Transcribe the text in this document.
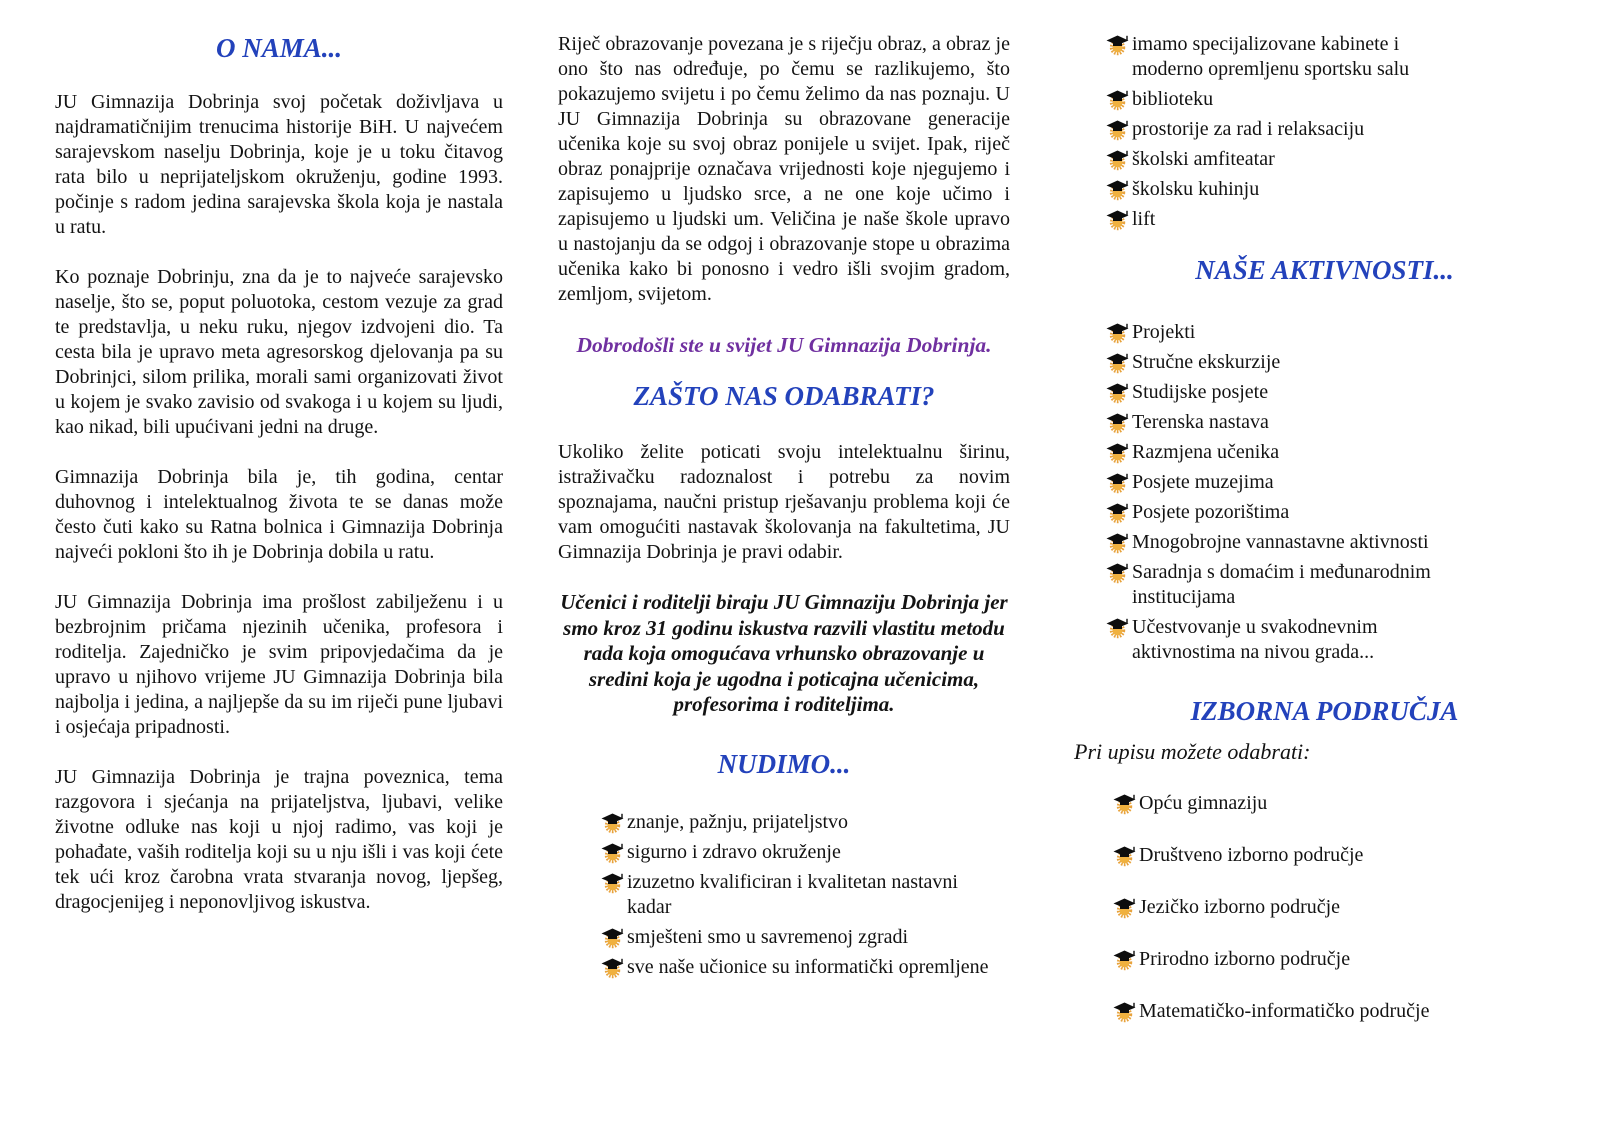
O NAMA...

JU Gimnazija Dobrinja svoj početak doživljava u najdramatičnijim trenucima historije BiH. U najvećem sarajevskom naselju Dobrinja, koje je u toku čitavog rata bilo u neprijateljskom okruženju, godine 1993. počinje s radom jedina sarajevska škola koja je nastala u ratu.

Ko poznaje Dobrinju, zna da je to najveće sarajevsko naselje, što se, poput poluotoka, cestom vezuje za grad te predstavlja, u neku ruku, njegov izdvojeni dio. Ta cesta bila je upravo meta agresorskog djelovanja pa su Dobrinjci, silom prilika, morali sami organizovati život u kojem je svako zavisio od svakoga i u kojem su ljudi, kao nikad, bili upućivani jedni na druge.

Gimnazija Dobrinja bila je, tih godina, centar duhovnog i intelektualnog života te se danas može često čuti kako su Ratna bolnica i Gimnazija Dobrinja najveći pokloni što ih je Dobrinja dobila u ratu.

JU Gimnazija Dobrinja ima prošlost zabilježenu i u bezbrojnim pričama njezinih učenika, profesora i roditelja. Zajedničko je svim pripovjedačima da je upravo u njihovo vrijeme JU Gimnazija Dobrinja bila najbolja i jedina, a najljepše da su im riječi pune ljubavi i osjećaja pripadnosti.

JU Gimnazija Dobrinja je trajna poveznica, tema razgovora i sjećanja na prijateljstva, ljubavi, velike životne odluke nas koji u njoj radimo, vas koji je pohađate, vaših roditelja koji su u nju išli i vas koji ćete tek ući kroz čarobna vrata stvaranja novog, ljepšeg, dragocjenijeg i neponovljivog iskustva.

Riječ obrazovanje povezana je s riječju obraz, a obraz je ono što nas određuje, po čemu se razlikujemo, što pokazujemo svijetu i po čemu želimo da nas poznaju. U JU Gimnazija Dobrinja su obrazovane generacije učenika koje su svoj obraz ponijele u svijet. Ipak, riječ obraz ponajprije označava vrijednosti koje njegujemo i zapisujemo u ljudsko srce, a ne one koje učimo i zapisujemo u ljudski um. Veličina je naše škole upravo u nastojanju da se odgoj i obrazovanje stope u obrazima učenika kako bi ponosno i vedro išli svojim gradom, zemljom, svijetom.

Dobrodošli ste u svijet JU Gimnazija Dobrinja.

ZAŠTO NAS ODABRATI?

Ukoliko želite poticati svoju intelektualnu širinu, istraživačku radoznalost i potrebu za novim spoznajama, naučni pristup rješavanju problema koji će vam omogućiti nastavak školovanja na fakultetima, JU Gimnazija Dobrinja je pravi odabir.

Učenici i roditelji biraju JU Gimnaziju Dobrinja jer smo kroz 31 godinu iskustva razvili vlastitu metodu rada koja omogućava vrhunsko obrazovanje u sredini koja je ugodna i poticajna učenicima, profesorima i roditeljima.

NUDIMO...
znanje, pažnju, prijateljstvo
sigurno i zdravo okruženje
izuzetno kvalificiran i kvalitetan nastavni kadar
smješteni smo u savremenoj zgradi
sve naše učionice su informatički opremljene
imamo specijalizovane kabinete i moderno opremljenu sportsku salu
biblioteku
prostorije za rad i relaksaciju
školski amfiteatar
školsku kuhinju
lift
NAŠE AKTIVNOSTI...
Projekti
Stručne ekskurzije
Studijske posjete
Terenska nastava
Razmjena učenika
Posjete muzejima
Posjete pozorištima
Mnogobrojne vannastavne aktivnosti
Saradnja s domaćim i međunarodnim institucijama
Učestvovanje u svakodnevnim aktivnostima na nivou grada...
IZBORNA PODRUČJA

Pri upisu možete odabrati:

Opću gimnaziju
Društveno izborno područje
Jezičko izborno područje
Prirodno izborno područje
Matematičko-informatičko područje
